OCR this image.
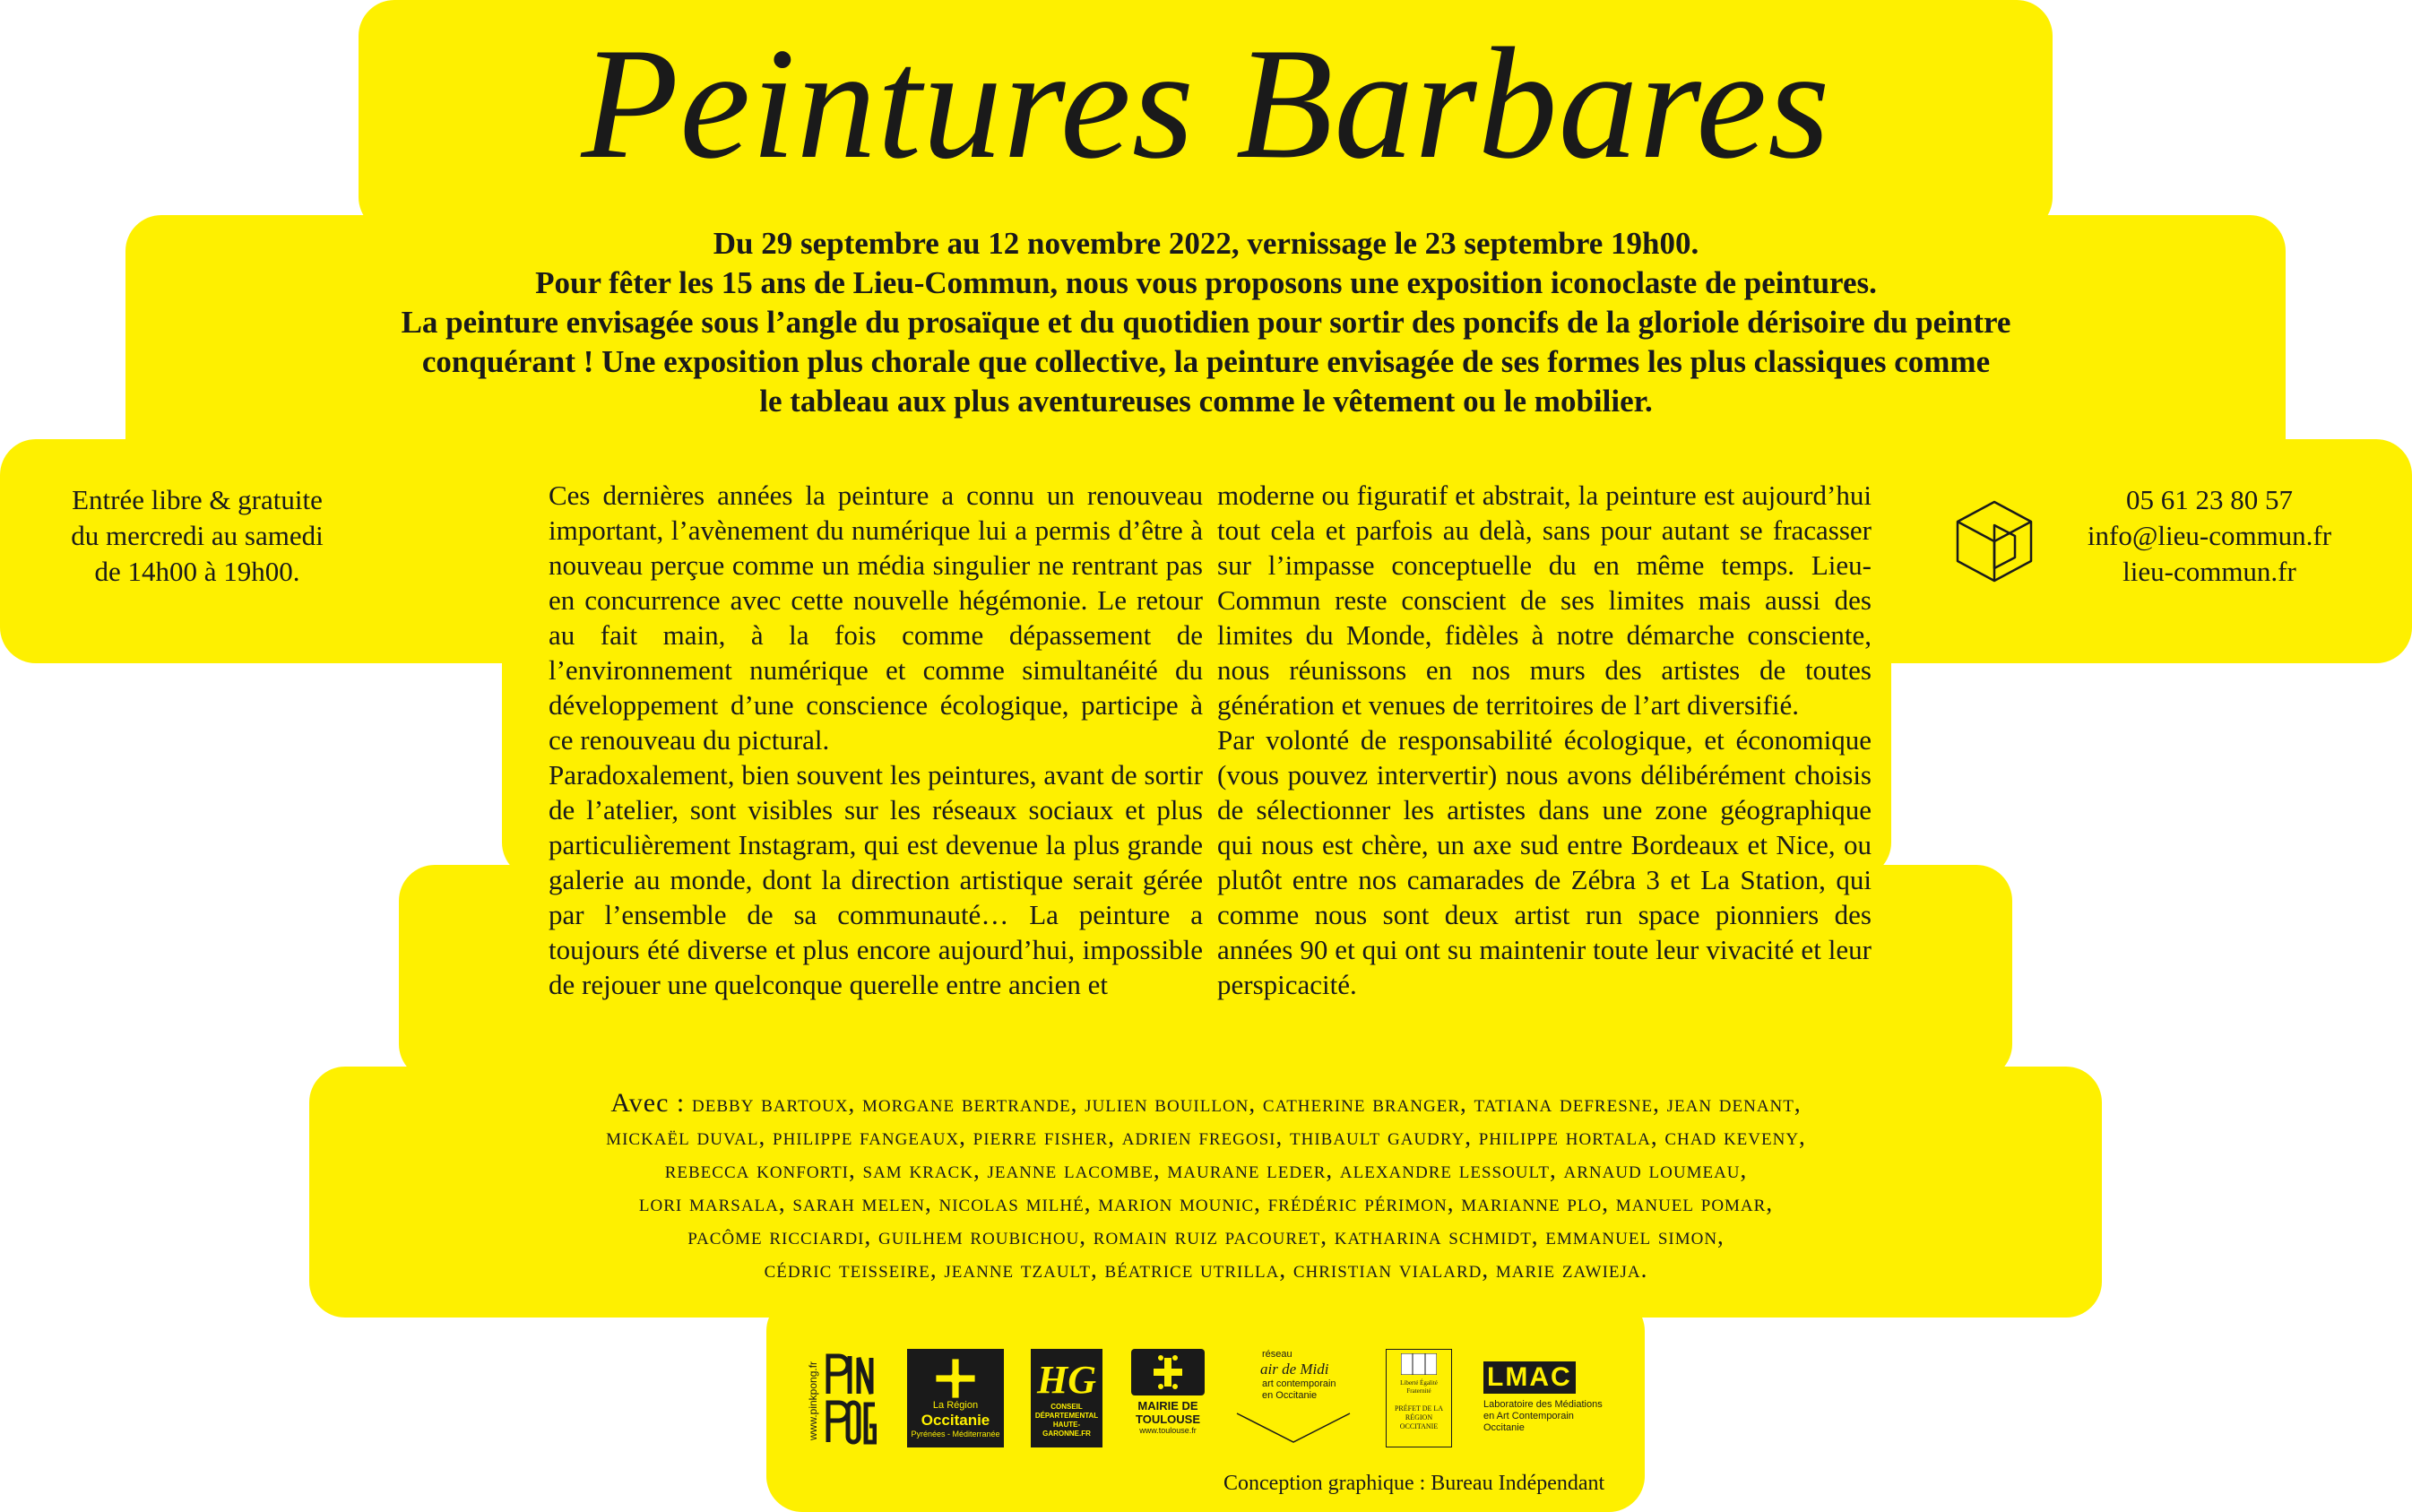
Peintures Barbares
Du 29 septembre au 12 novembre 2022, vernissage le 23 septembre 19h00.
Pour fêter les 15 ans de Lieu-Commun, nous vous proposons une exposition iconoclaste de peintures.
La peinture envisagée sous l’angle du prosaïque et du quotidien pour sortir des poncifs de la gloriole dérisoire du peintre
conquérant ! Une exposition plus chorale que collective, la peinture envisagée de ses formes les plus classiques comme
le tableau aux plus aventureuses comme le vêtement ou le mobilier.
Entrée libre & gratuite
du mercredi au samedi
de 14h00 à 19h00.
05 61 23 80 57
info@lieu-commun.fr
lieu-commun.fr

Ces dernières années la peinture a connu un renouveau important, l’avènement du numérique lui a permis d’être à nouveau perçue comme un média singulier ne rentrant pas en concurrence avec cette nouvelle hégémonie. Le retour au fait main, à la fois comme dépassement de l’environnement numérique et comme simultanéité du développement d’une conscience écologique, participe à ce renouveau du pictural.

Paradoxalement, bien souvent les peintures, avant de sortir de l’atelier, sont visibles sur les réseaux sociaux et plus particulièrement Instagram, qui est devenue la plus grande galerie au monde, dont la direction artistique serait gérée par l’ensemble de sa communauté… La peinture a toujours été diverse et plus encore aujourd’hui, impossible de rejouer une quelconque querelle entre ancien et

moderne ou figuratif et abstrait, la peinture est aujourd’hui tout cela et parfois au delà, sans pour autant se fracasser sur l’impasse conceptuelle du en même temps. Lieu-Commun reste conscient de ses limites mais aussi des limites du Monde, fidèles à notre démarche consciente, nous réunissons en nos murs des artistes de toutes génération et venues de territoires de l’art diversifié.

Par volonté de responsabilité écologique, et économique (vous pouvez intervertir) nous avons délibérément choisis de sélectionner les artistes dans une zone géographique qui nous est chère, un axe sud entre Bordeaux et Nice, ou plutôt entre nos camarades de Zébra 3 et La Station, qui comme nous sont deux artist run space pionniers des années 90 et qui ont su maintenir toute leur vivacité et leur perspicacité.

Avec : debby bartoux, morgane bertrande, julien bouillon, catherine branger, tatiana defresne, jean denant,
mickaël duval, philippe fangeaux, pierre fisher, adrien fregosi, thibault gaudry, philippe hortala, chad keveny,
rebecca konforti, sam krack, jeanne lacombe, maurane leder, alexandre lessoult, arnaud loumeau,
lori marsala, sarah melen, nicolas milhé, marion mounic, frédéric périmon, marianne plo, manuel pomar,
pacôme ricciardi, guilhem roubichou, romain ruiz pacouret, katharina schmidt, emmanuel simon,
cédric teisseire, jeanne tzault, béatrice utrilla, christian vialard, marie zawieja.
www.pinkpong.fr	La Région
Occitanie
Pyrénées - Méditerranée
HG
CONSEIL DÉPARTEMENTAL HAUTE-GARONNE.FR
MAIRIE DE TOULOUSE
www.toulouse.fr
réseau
air de Midi
art contemporain
en Occitanie
Liberté Égalité Fraternité
PRÉFET DE LA RÉGION OCCITANIE
LMAC
Laboratoire des Médiations
en Art Contemporain
Occitanie
Conception graphique : Bureau Indépendant
